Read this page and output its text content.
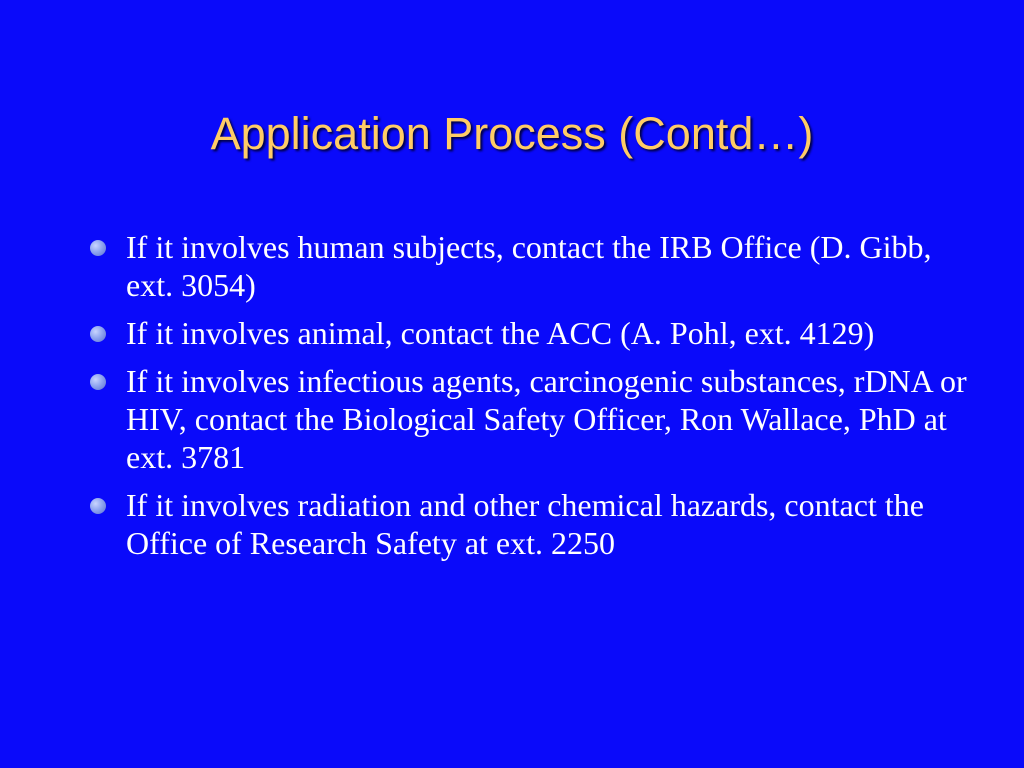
Application Process (Contd…)
If it involves human subjects, contact the IRB Office (D. Gibb, ext. 3054)
If it involves animal, contact the ACC (A. Pohl, ext. 4129)
If it involves infectious agents, carcinogenic substances, rDNA or HIV, contact the Biological Safety Officer, Ron Wallace, PhD at ext. 3781
If it involves radiation and other chemical hazards, contact the Office of Research Safety at ext. 2250
